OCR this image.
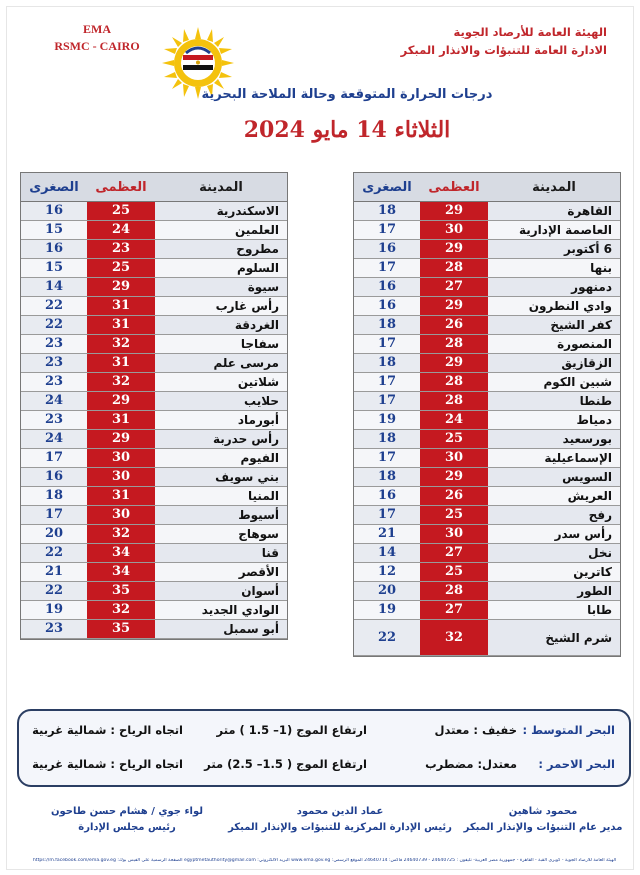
EMA
RSMC - CAIRO
الهيئة العامة للأرصاد الجوية
الادارة العامة للتنبؤات والانذار المبكر
درجات الحرارة المتوقعة وحالة الملاحة البحرية
الثلاثاء 14 مايو 2024
المدينة	العظمى	الصغرى
القاهرة	29	18
العاصمة الإدارية	30	17
6 أكتوبر	29	16
بنها	28	17
دمنهور	27	16
وادي النطرون	29	16
كفر الشيخ	26	18
المنصورة	28	17
الزقازيق	29	18
شبين الكوم	28	17
طنطا	28	17
دمياط	24	19
بورسعيد	25	18
الإسماعيلية	30	17
السويس	29	18
العريش	26	16
رفح	25	17
رأس سدر	30	21
نخل	27	14
كاترين	25	12
الطور	28	20
طابا	27	19
شرم الشيخ	32	22
المدينة	العظمى	الصغرى
الاسكندرية	25	16
العلمين	24	15
مطروح	23	16
السلوم	25	15
سيوة	29	14
رأس غارب	31	22
الغردقة	31	22
سفاجا	32	23
مرسى علم	31	23
شلاتين	32	23
حلايب	29	24
أبورماد	31	23
رأس حدربة	29	24
الفيوم	30	17
بني سويف	30	16
المنيا	31	18
أسيوط	30	17
سوهاج	32	20
قنا	34	22
الأقصر	34	21
أسوان	35	22
الوادي الجديد	32	19
أبو سمبل	35	23
البحر المتوسط :
خفيف : معتدل
ارتفاع الموج (1– 1.5 ) متر
اتجاه الرياح : شمالية غربية
البحر الاحمر :
معتدل: مضطرب
ارتفاع الموج ( 1.5– 2.5) متر
اتجاه الرياح : شمالية غربية
محمود شاهين
مدير عام التنبؤات والإنذار المبكر
عماد الدين محمود
رئيس الإدارة المركزية للتنبؤات والإنذار المبكر
لواء جوي / هشام حسن طاحون
رئيس مجلس الإدارة
الهيئة العامة للأرصاد الجوية - كوبري القبة - القاهرة - جمهورية مصر العربية- تليفون : 24640725 - 24640739 فاكس: 24640714 الموقع الرسمي: www.ema.gov.eg البريد الالكتروني: egyptmetauthority@gmail.com الصفحة الرسمية على الفيس بوك: https://m.facebook.com/ema.gov.eg
